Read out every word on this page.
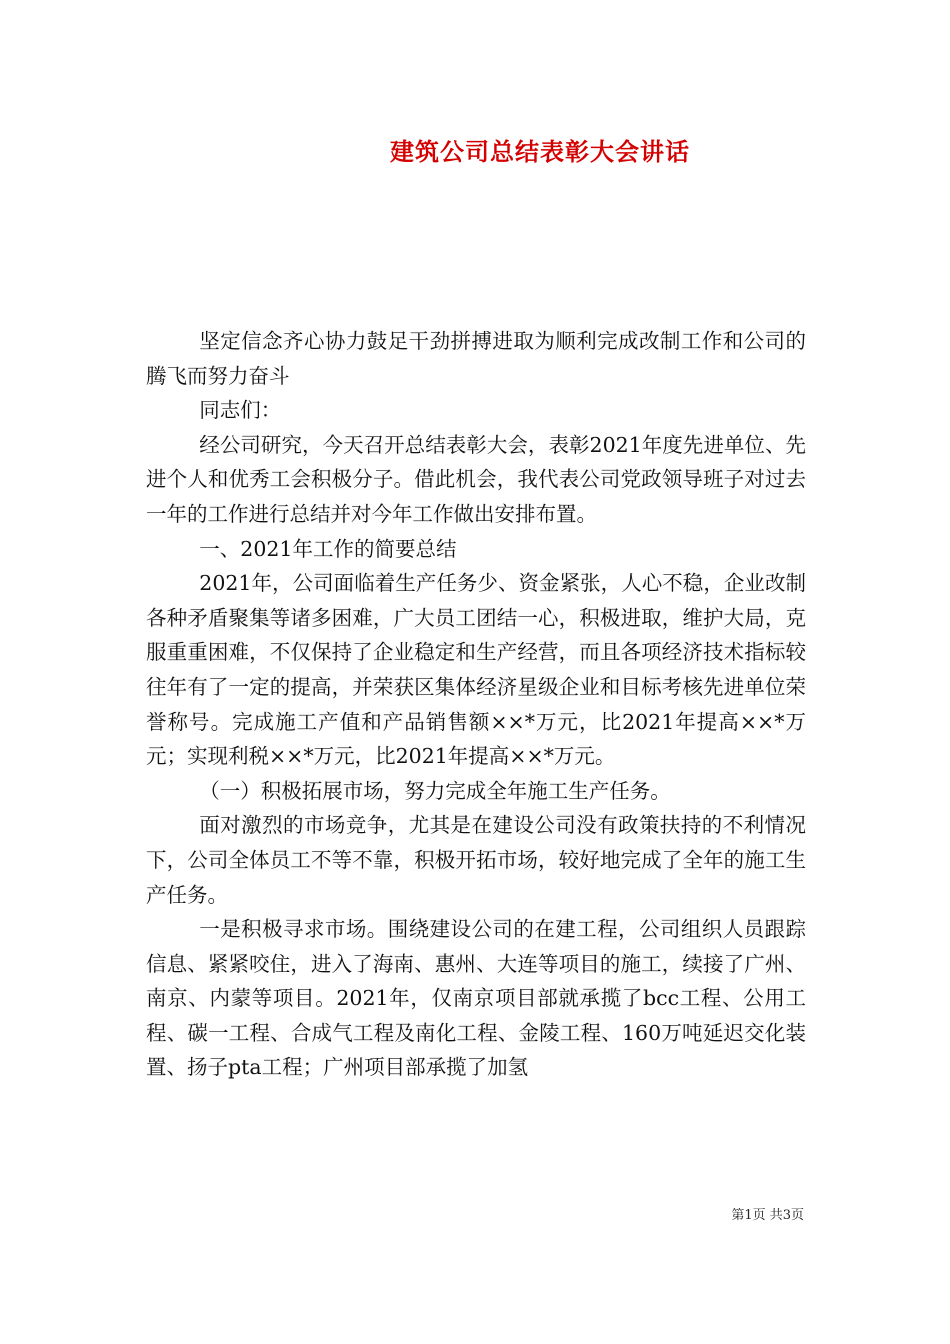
建筑公司总结表彰大会讲话

坚定信念齐心协力鼓足干劲拼搏进取为顺利完成改制工作和公司的腾飞而努力奋斗

同志们：

经公司研究，今天召开总结表彰大会，表彰2021年度先进单位、先进个人和优秀工会积极分子。借此机会，我代表公司党政领导班子对过去一年的工作进行总结并对今年工作做出安排布置。

一、2021年工作的简要总结

2021年，公司面临着生产任务少、资金紧张，人心不稳，企业改制各种矛盾聚集等诸多困难，广大员工团结一心，积极进取，维护大局，克服重重困难，不仅保持了企业稳定和生产经营，而且各项经济技术指标较往年有了一定的提高，并荣获区集体经济星级企业和目标考核先进单位荣誉称号。完成施工产值和产品销售额××*万元，比2021年提高××*万元；实现利税××*万元，比2021年提高××*万元。

（一）积极拓展市场，努力完成全年施工生产任务。

面对激烈的市场竞争，尤其是在建设公司没有政策扶持的不利情况下，公司全体员工不等不靠，积极开拓市场，较好地完成了全年的施工生产任务。

一是积极寻求市场。围绕建设公司的在建工程，公司组织人员跟踪信息、紧紧咬住，进入了海南、惠州、大连等项目的施工，续接了广州、南京、内蒙等项目。2021年，仅南京项目部就承揽了bcc工程、公用工程、碳一工程、合成气工程及南化工程、金陵工程、160万吨延迟交化装置、扬子pta工程；广州项目部承揽了加氢

第1页 共3页
